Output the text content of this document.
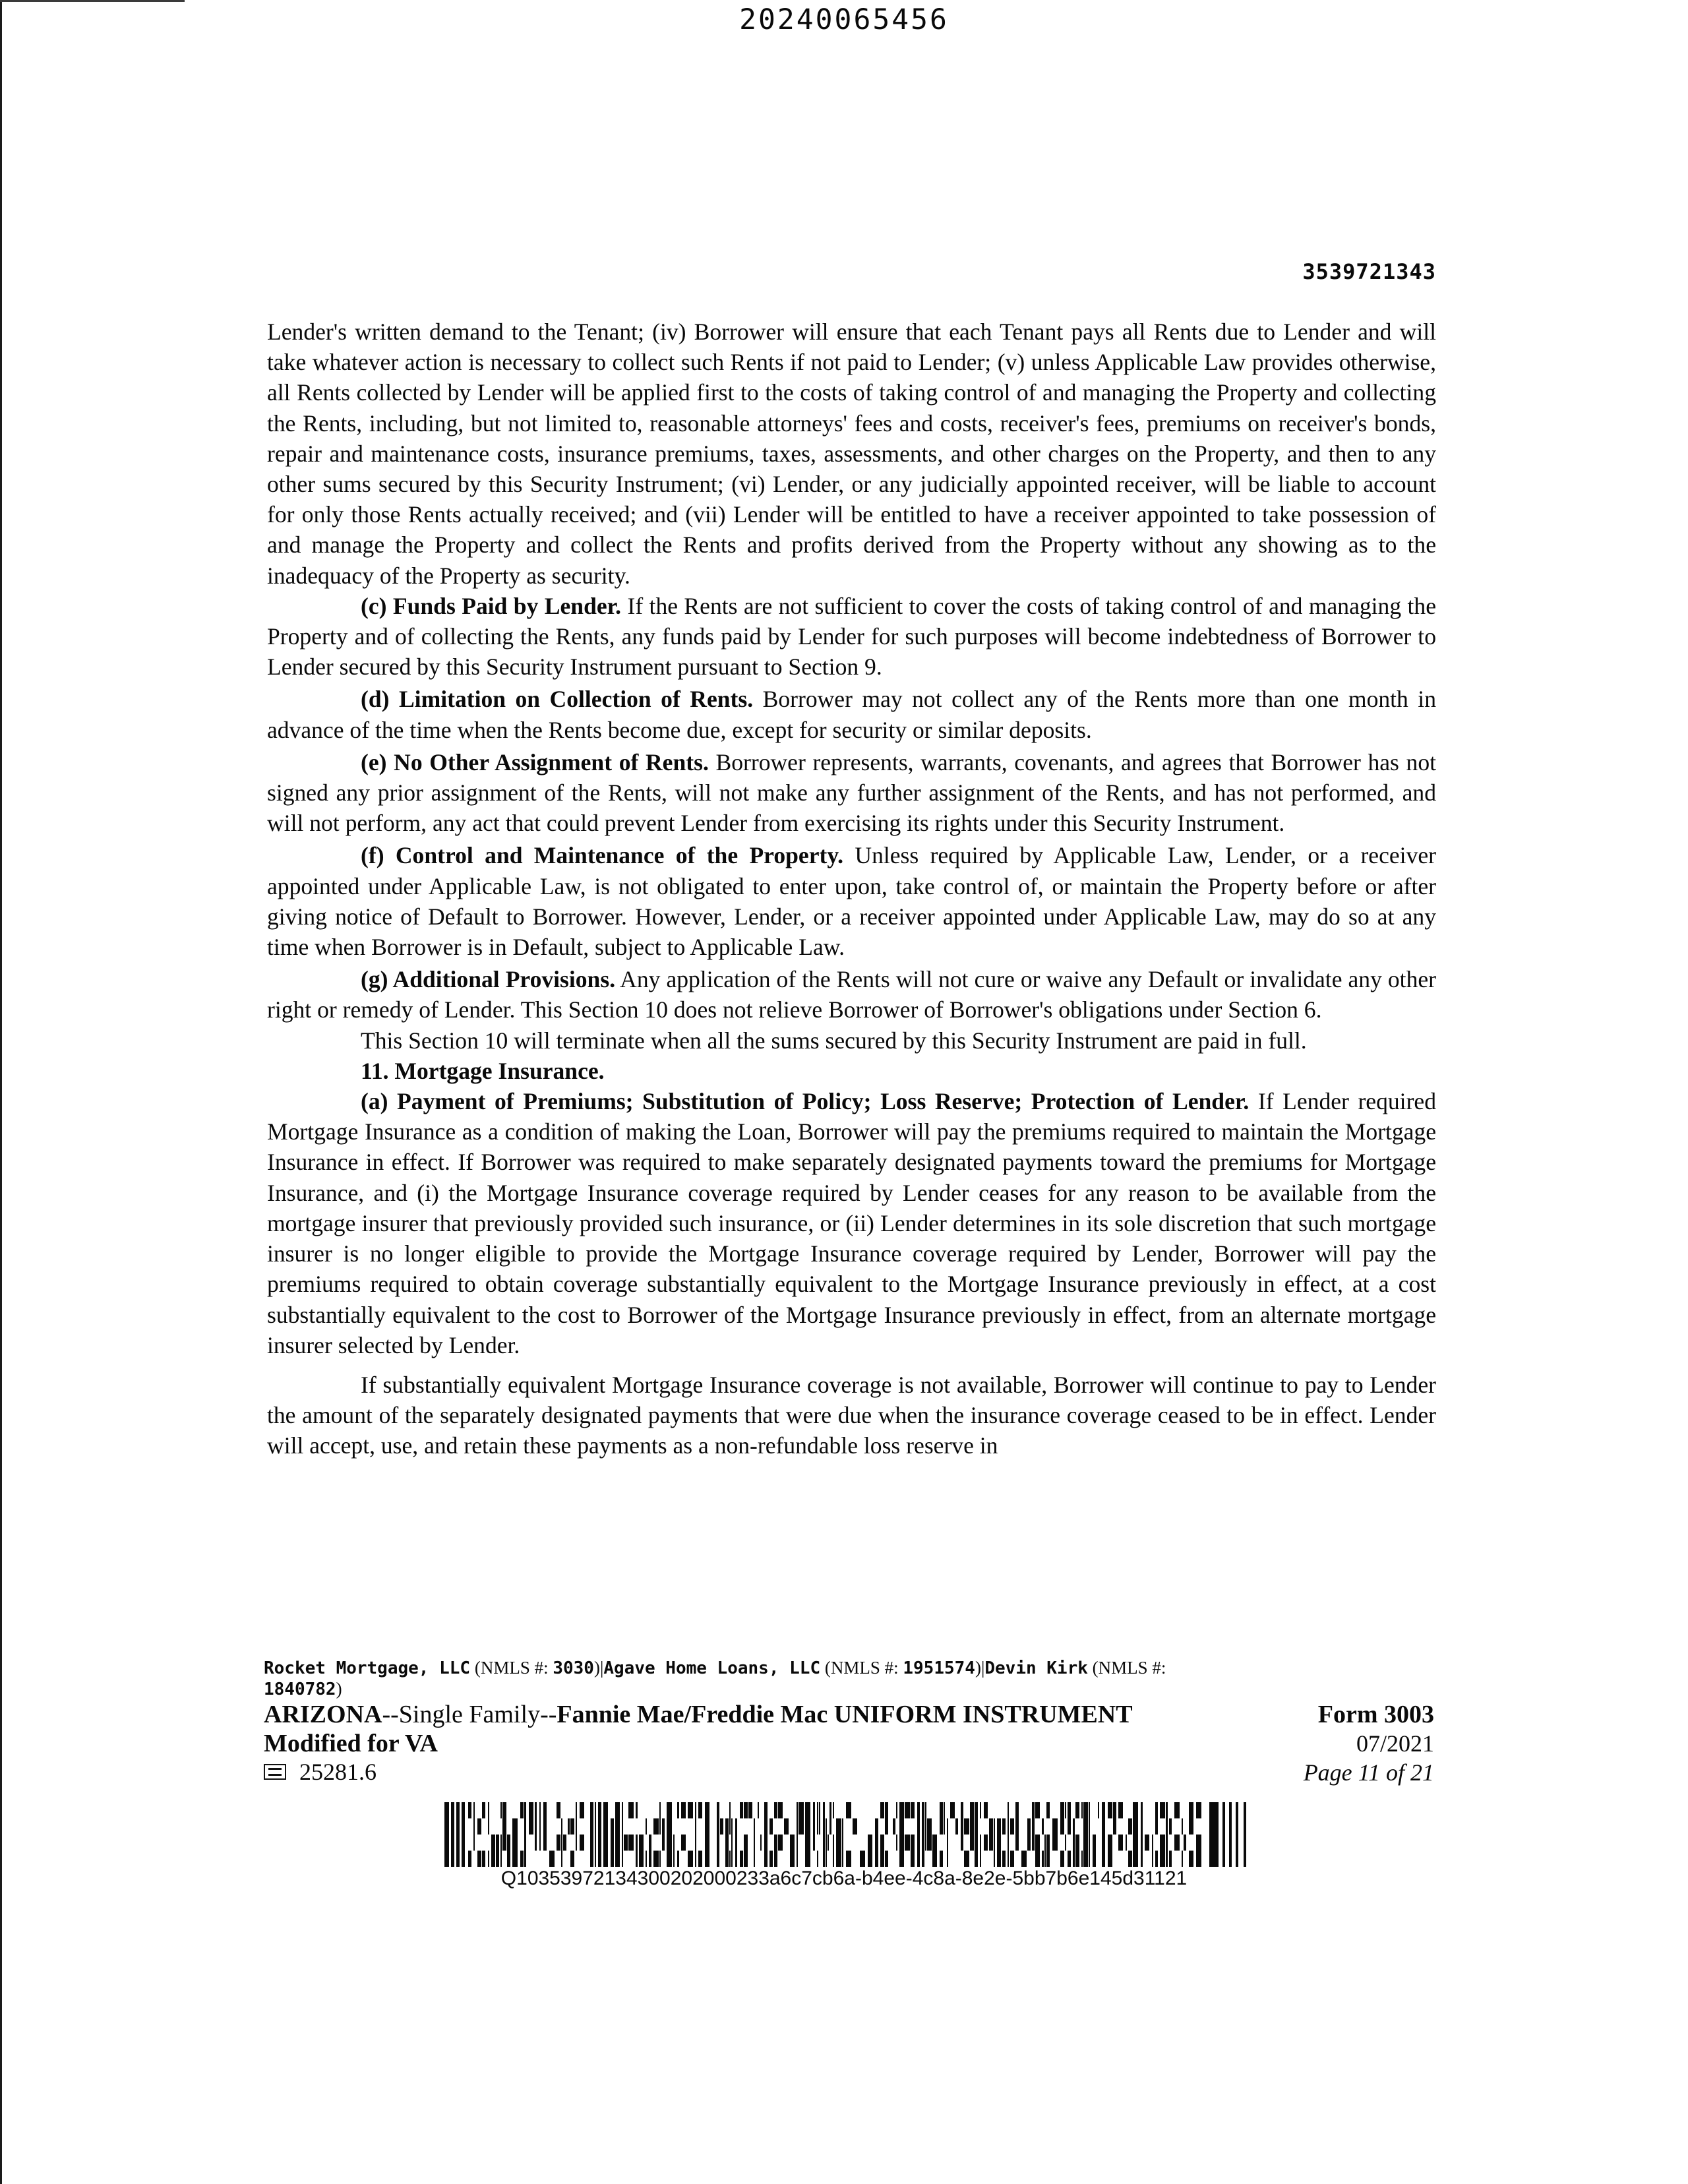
20240065456
3539721343

Lender's written demand to the Tenant; (iv) Borrower will ensure that each Tenant pays all Rents due to Lender and will take whatever action is necessary to collect such Rents if not paid to Lender; (v) unless Applicable Law provides otherwise, all Rents collected by Lender will be applied first to the costs of taking control of and managing the Property and collecting the Rents, including, but not limited to, reasonable attorneys' fees and costs, receiver's fees, premiums on receiver's bonds, repair and maintenance costs, insurance premiums, taxes, assessments, and other charges on the Property, and then to any other sums secured by this Security Instrument; (vi) Lender, or any judicially appointed receiver, will be liable to account for only those Rents actually received; and (vii) Lender will be entitled to have a receiver appointed to take possession of and manage the Property and collect the Rents and profits derived from the Property without any showing as to the inadequacy of the Property as security.

(c) Funds Paid by Lender. If the Rents are not sufficient to cover the costs of taking control of and managing the Property and of collecting the Rents, any funds paid by Lender for such purposes will become indebtedness of Borrower to Lender secured by this Security Instrument pursuant to Section 9.

(d) Limitation on Collection of Rents. Borrower may not collect any of the Rents more than one month in advance of the time when the Rents become due, except for security or similar deposits.

(e) No Other Assignment of Rents. Borrower represents, warrants, covenants, and agrees that Borrower has not signed any prior assignment of the Rents, will not make any further assignment of the Rents, and has not performed, and will not perform, any act that could prevent Lender from exercising its rights under this Security Instrument.

(f) Control and Maintenance of the Property. Unless required by Applicable Law, Lender, or a receiver appointed under Applicable Law, is not obligated to enter upon, take control of, or maintain the Property before or after giving notice of Default to Borrower. However, Lender, or a receiver appointed under Applicable Law, may do so at any time when Borrower is in Default, subject to Applicable Law.

(g) Additional Provisions. Any application of the Rents will not cure or waive any Default or invalidate any other right or remedy of Lender. This Section 10 does not relieve Borrower of Borrower's obligations under Section 6.

This Section 10 will terminate when all the sums secured by this Security Instrument are paid in full.

11. Mortgage Insurance.

(a) Payment of Premiums; Substitution of Policy; Loss Reserve; Protection of Lender. If Lender required Mortgage Insurance as a condition of making the Loan, Borrower will pay the premiums required to maintain the Mortgage Insurance in effect. If Borrower was required to make separately designated payments toward the premiums for Mortgage Insurance, and (i) the Mortgage Insurance coverage required by Lender ceases for any reason to be available from the mortgage insurer that previously provided such insurance, or (ii) Lender determines in its sole discretion that such mortgage insurer is no longer eligible to provide the Mortgage Insurance coverage required by Lender, Borrower will pay the premiums required to obtain coverage substantially equivalent to the Mortgage Insurance previously in effect, at a cost substantially equivalent to the cost to Borrower of the Mortgage Insurance previously in effect, from an alternate mortgage insurer selected by Lender.

If substantially equivalent Mortgage Insurance coverage is not available, Borrower will continue to pay to Lender the amount of the separately designated payments that were due when the insurance coverage ceased to be in effect. Lender will accept, use, and retain these payments as a non-refundable loss reserve in

Rocket Mortgage, LLC (NMLS #: 3030)|Agave Home Loans, LLC (NMLS #: 1951574)|Devin Kirk (NMLS #:
1840782)
ARIZONA--Single Family--Fannie Mae/Freddie Mac UNIFORM INSTRUMENT
Modified for VA
25281.6
Form 3003
07/2021
Page 11 of 21
Q10353972134300202000233a6c7cb6a-b4ee-4c8a-8e2e-5bb7b6e145d31121
